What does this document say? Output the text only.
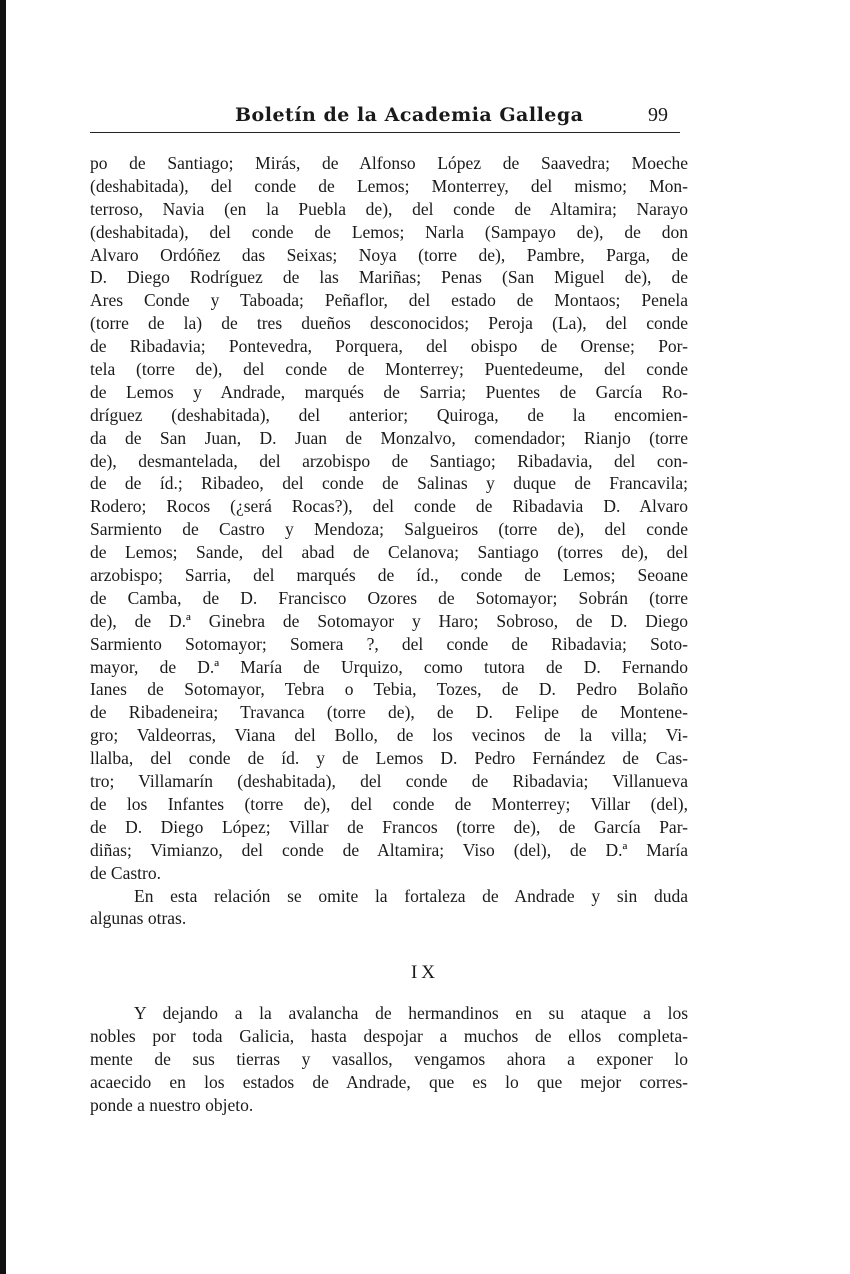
Boletín de la Academia Gallega	99
po de Santiago; Mirás, de Alfonso López de Saavedra; Moeche
(deshabitada), del conde de Lemos; Monterrey, del mismo; Mon-
terroso, Navia (en la Puebla de), del conde de Altamira; Narayo
(deshabitada), del conde de Lemos; Narla (Sampayo de), de don
Alvaro Ordóñez das Seixas; Noya (torre de), Pambre, Parga, de
D. Diego Rodríguez de las Mariñas; Penas (San Miguel de), de
Ares Conde y Taboada; Peñaflor, del estado de Montaos; Penela
(torre de la) de tres dueños desconocidos; Peroja (La), del conde
de Ribadavia; Pontevedra, Porquera, del obispo de Orense; Por-
tela (torre de), del conde de Monterrey; Puentedeume, del conde
de Lemos y Andrade, marqués de Sarria; Puentes de García Ro-
dríguez (deshabitada), del anterior; Quiroga, de la encomien-
da de San Juan, D. Juan de Monzalvo, comendador; Rianjo (torre
de), desmantelada, del arzobispo de Santiago; Ribadavia, del con-
de de íd.; Ribadeo, del conde de Salinas y duque de Francavila;
Rodero; Rocos (¿será Rocas?), del conde de Ribadavia D. Alvaro
Sarmiento de Castro y Mendoza; Salgueiros (torre de), del conde
de Lemos; Sande, del abad de Celanova; Santiago (torres de), del
arzobispo; Sarria, del marqués de íd., conde de Lemos; Seoane
de Camba, de D. Francisco Ozores de Sotomayor; Sobrán (torre
de), de D.ª Ginebra de Sotomayor y Haro; Sobroso, de D. Diego
Sarmiento Sotomayor; Somera ?, del conde de Ribadavia; Soto-
mayor, de D.ª María de Urquizo, como tutora de D. Fernando
Ianes de Sotomayor, Tebra o Tebia, Tozes, de D. Pedro Bolaño
de Ribadeneira; Travanca (torre de), de D. Felipe de Montene-
gro; Valdeorras, Viana del Bollo, de los vecinos de la villa; Vi-
llalba, del conde de íd. y de Lemos D. Pedro Fernández de Cas-
tro; Villamarín (deshabitada), del conde de Ribadavia; Villanueva
de los Infantes (torre de), del conde de Monterrey; Villar (del),
de D. Diego López; Villar de Francos (torre de), de García Par-
diñas; Vimianzo, del conde de Altamira; Viso (del), de D.ª María
de Castro.
En esta relación se omite la fortaleza de Andrade y sin duda
algunas otras.
IX
Y dejando a la avalancha de hermandinos en su ataque a los
nobles por toda Galicia, hasta despojar a muchos de ellos completa-
mente de sus tierras y vasallos, vengamos ahora a exponer lo
acaecido en los estados de Andrade, que es lo que mejor corres-
ponde a nuestro objeto.
